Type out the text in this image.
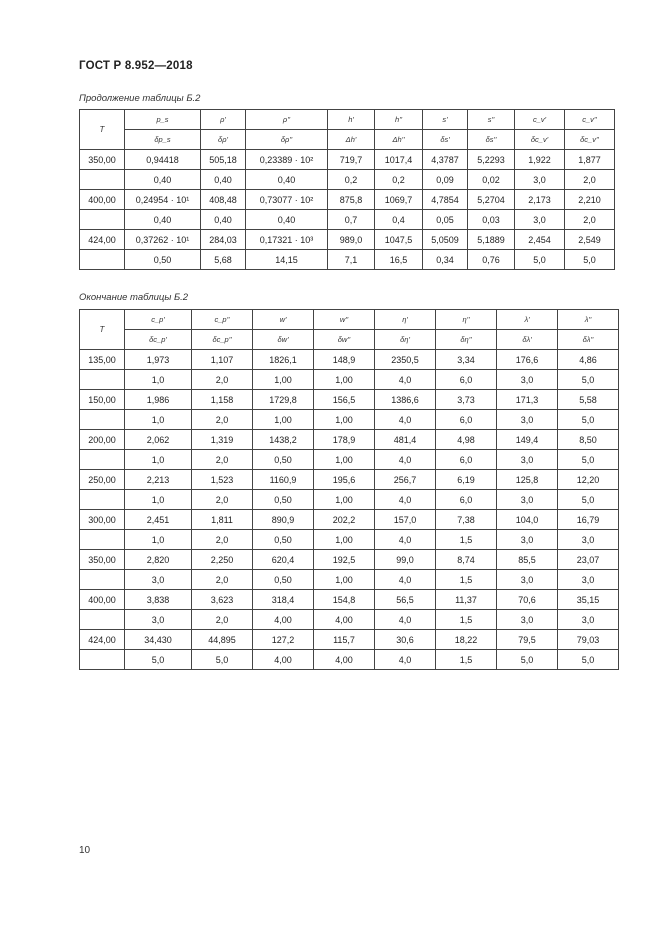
ГОСТ Р 8.952—2018
Продолжение таблицы Б.2
T	p_s	ρ'	ρ''	h'	h''	s'	s''	c_v'	c_v''
	δp_s	δρ'	δρ''	Δh'	Δh''	δs'	δs''	δc_v'	δc_v''
350,00	0,94418	505,18	0,23389 · 10²	719,7	1017,4	4,3787	5,2293	1,922	1,877
	0,40	0,40	0,40	0,2	0,2	0,09	0,02	3,0	2,0
400,00	0,24954 · 10¹	408,48	0,73077 · 10²	875,8	1069,7	4,7854	5,2704	2,173	2,210
	0,40	0,40	0,40	0,7	0,4	0,05	0,03	3,0	2,0
424,00	0,37262 · 10¹	284,03	0,17321 · 10³	989,0	1047,5	5,0509	5,1889	2,454	2,549
	0,50	5,68	14,15	7,1	16,5	0,34	0,76	5,0	5,0
Окончание таблицы Б.2
T	c_p'	c_p''	w'	w''	η'	η''	λ'	λ''
	δc_p'	δc_p''	δw'	δw''	δη'	δη''	δλ'	δλ''
135,00	1,973	1,107	1826,1	148,9	2350,5	3,34	176,6	4,86
	1,0	2,0	1,00	1,00	4,0	6,0	3,0	5,0
150,00	1,986	1,158	1729,8	156,5	1386,6	3,73	171,3	5,58
	1,0	2,0	1,00	1,00	4,0	6,0	3,0	5,0
200,00	2,062	1,319	1438,2	178,9	481,4	4,98	149,4	8,50
	1,0	2,0	0,50	1,00	4,0	6,0	3,0	5,0
250,00	2,213	1,523	1160,9	195,6	256,7	6,19	125,8	12,20
	1,0	2,0	0,50	1,00	4,0	6,0	3,0	5,0
300,00	2,451	1,811	890,9	202,2	157,0	7,38	104,0	16,79
	1,0	2,0	0,50	1,00	4,0	1,5	3,0	3,0
350,00	2,820	2,250	620,4	192,5	99,0	8,74	85,5	23,07
	3,0	2,0	0,50	1,00	4,0	1,5	3,0	3,0
400,00	3,838	3,623	318,4	154,8	56,5	11,37	70,6	35,15
	3,0	2,0	4,00	4,00	4,0	1,5	3,0	3,0
424,00	34,430	44,895	127,2	115,7	30,6	18,22	79,5	79,03
	5,0	5,0	4,00	4,00	4,0	1,5	5,0	5,0
10
